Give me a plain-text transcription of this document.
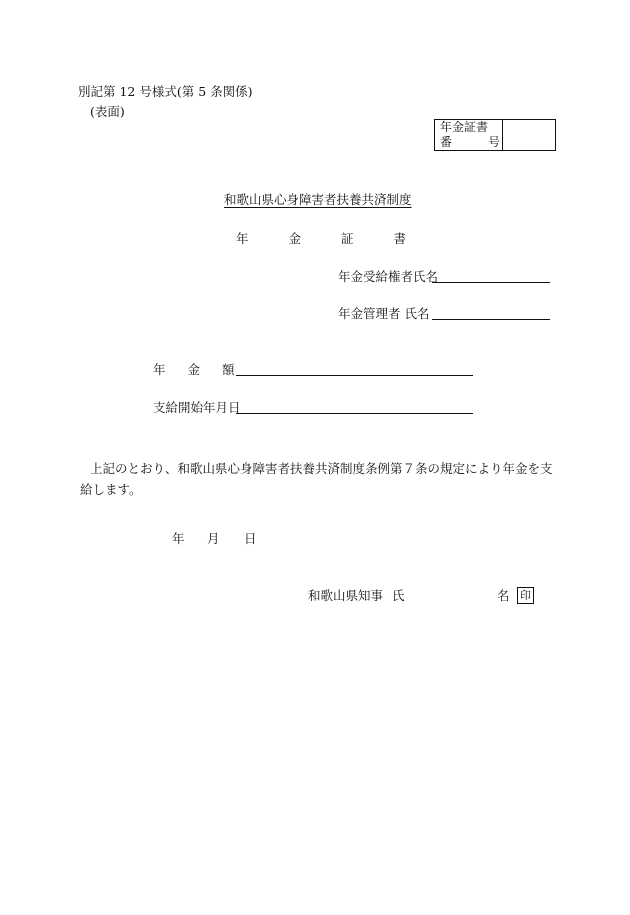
別記第 12 号様式(第 5 条関係)
(表面)
年金証書
番	号
和歌山県心身障害者扶養共済制度
年	金	証	書
年金受給権者氏名
年金管理者 氏名
年 金 額
支給開始年月日
上記のとおり、和歌山県心身障害者扶養共済制度条例第７条の規定により年金を支給します。
年 月 日
和歌山県知事 氏	名 印
